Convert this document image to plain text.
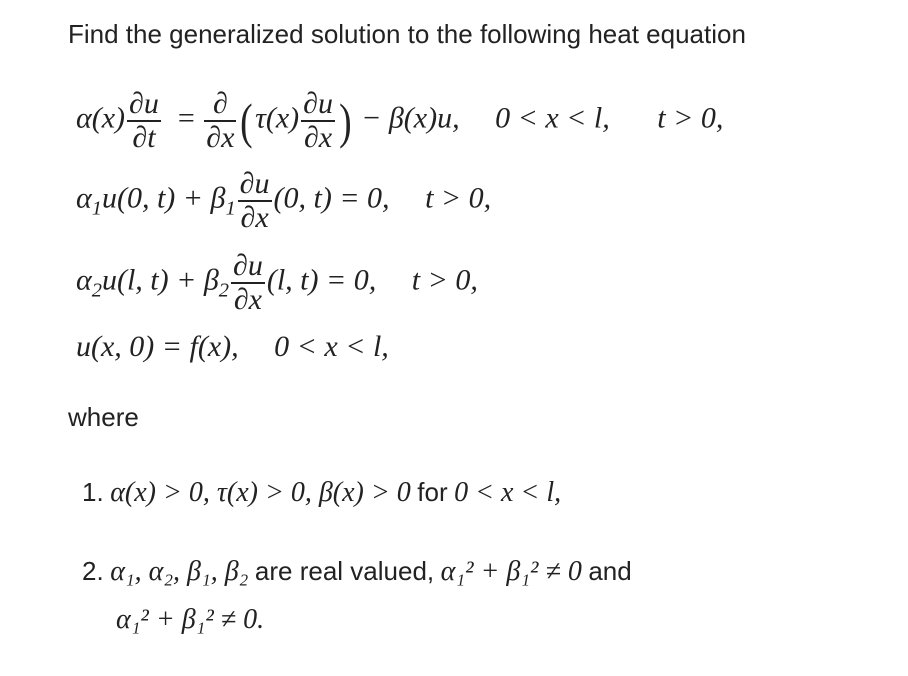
Find the generalized solution to the following heat equation
$\alpha(x) \frac{\partial u}{\partial t} = \frac{\partial}{\partial x} (\tau(x) \frac{\partial u}{\partial x}$ ) − β(x)u, 0 < x < l, t > 0,
$\alpha_1u(0$, $t) + \beta_1 \frac{\partial u}{\partial x} (0$, t) = 0, t > 0,
$\alpha_2u(l$, $t) + \beta_2 \frac{\partial u}{\partial x} (l$, t) = 0, t > 0,
u(x, 0) = f(x), 0 < x < l,
where
1. α(x) > 0, τ(x) > 0, β(x) > 0 for 0 < x < l,
2. α₁, α₂, β₁, β₂ are real valued, α₁² + β₁² ≠ 0 and
α₁² + β₁² ≠ 0.
